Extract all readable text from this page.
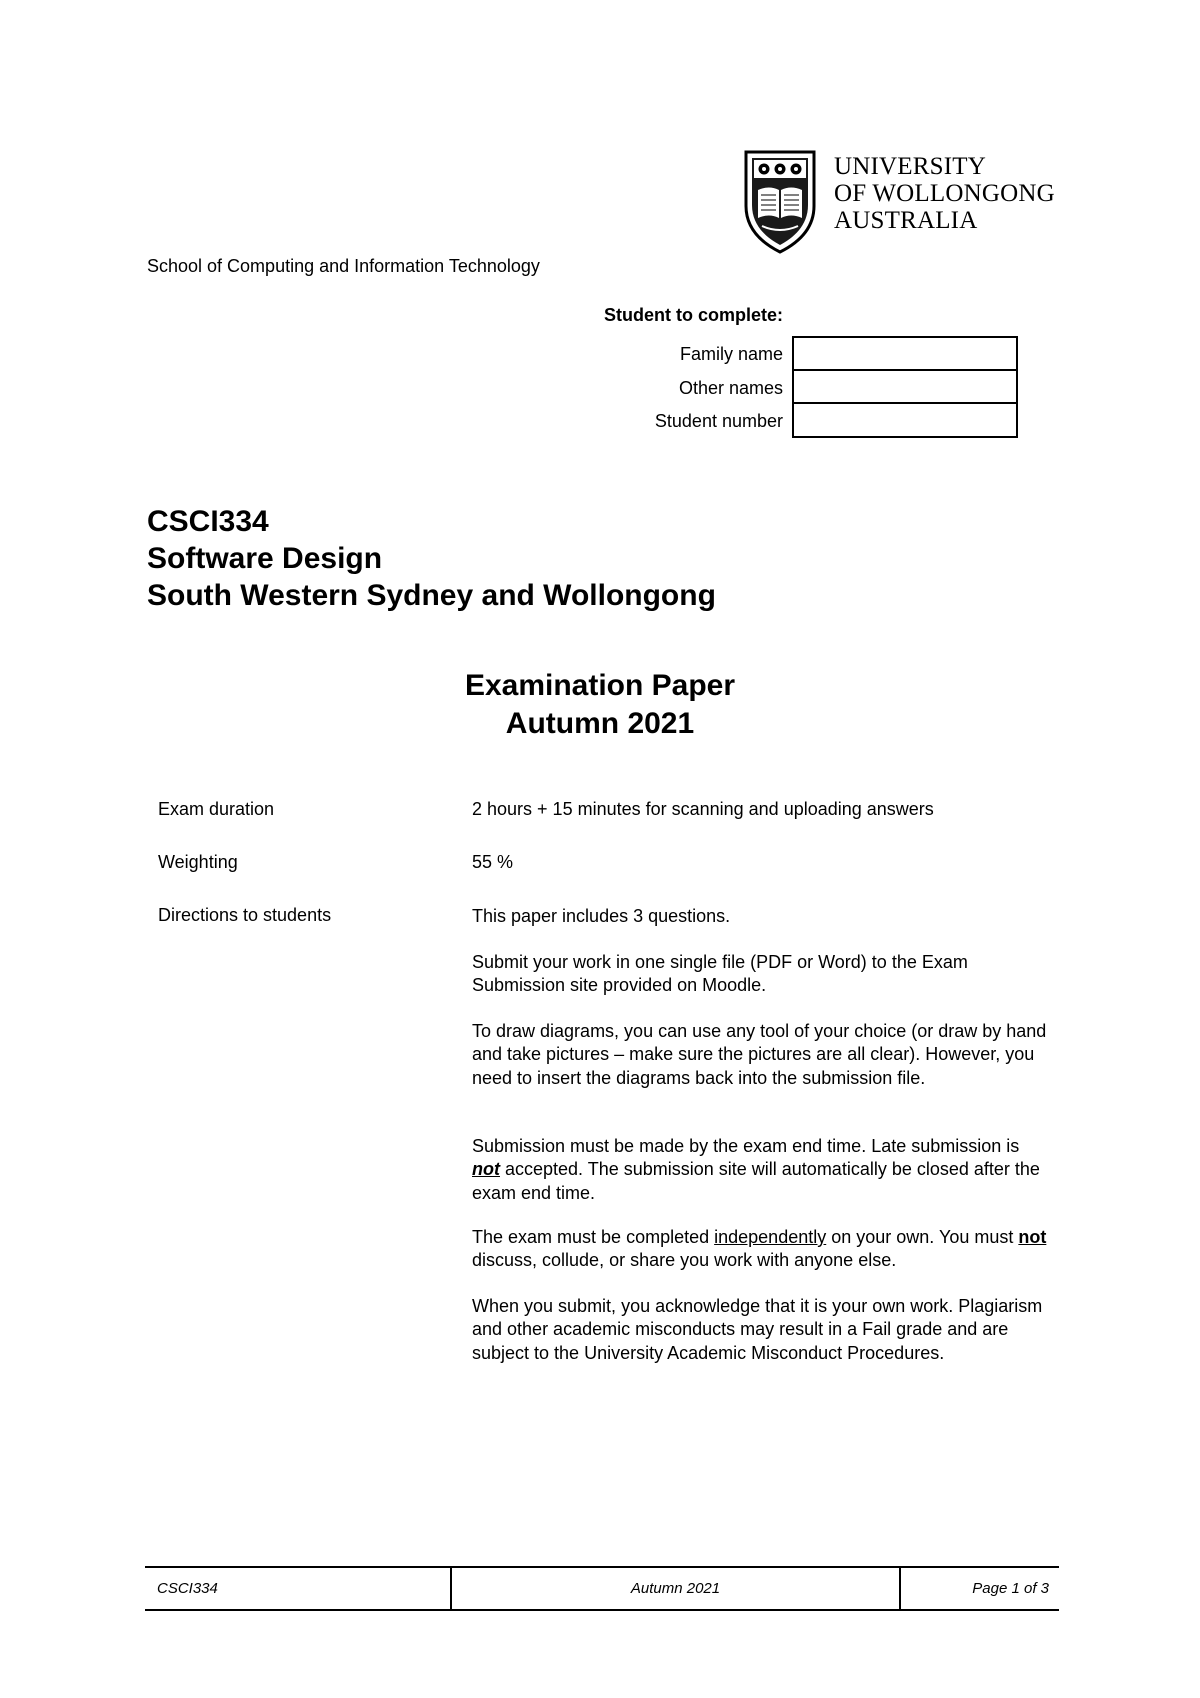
UNIVERSITY
OF WOLLONGONG
AUSTRALIA
School of Computing and Information Technology
Student to complete:
Family name
Other names
Student number
CSCI334
Software Design
South Western Sydney and Wollongong
Examination Paper
Autumn 2021
Exam duration	2 hours + 15 minutes for scanning and uploading answers
Weighting	55 %
Directions to students	This paper includes 3 questions.
Submit your work in one single file (PDF or Word) to the Exam Submission site provided on Moodle.
To draw diagrams, you can use any tool of your choice (or draw by hand and take pictures – make sure the pictures are all clear). However, you need to insert the diagrams back into the submission file.
Submission must be made by the exam end time. Late submission is not accepted. The submission site will automatically be closed after the exam end time.
The exam must be completed independently on your own. You must not discuss, collude, or share you work with anyone else.
When you submit, you acknowledge that it is your own work. Plagiarism and other academic misconducts may result in a Fail grade and are subject to the University Academic Misconduct Procedures.
CSCI334	Autumn 2021	Page 1 of 3
